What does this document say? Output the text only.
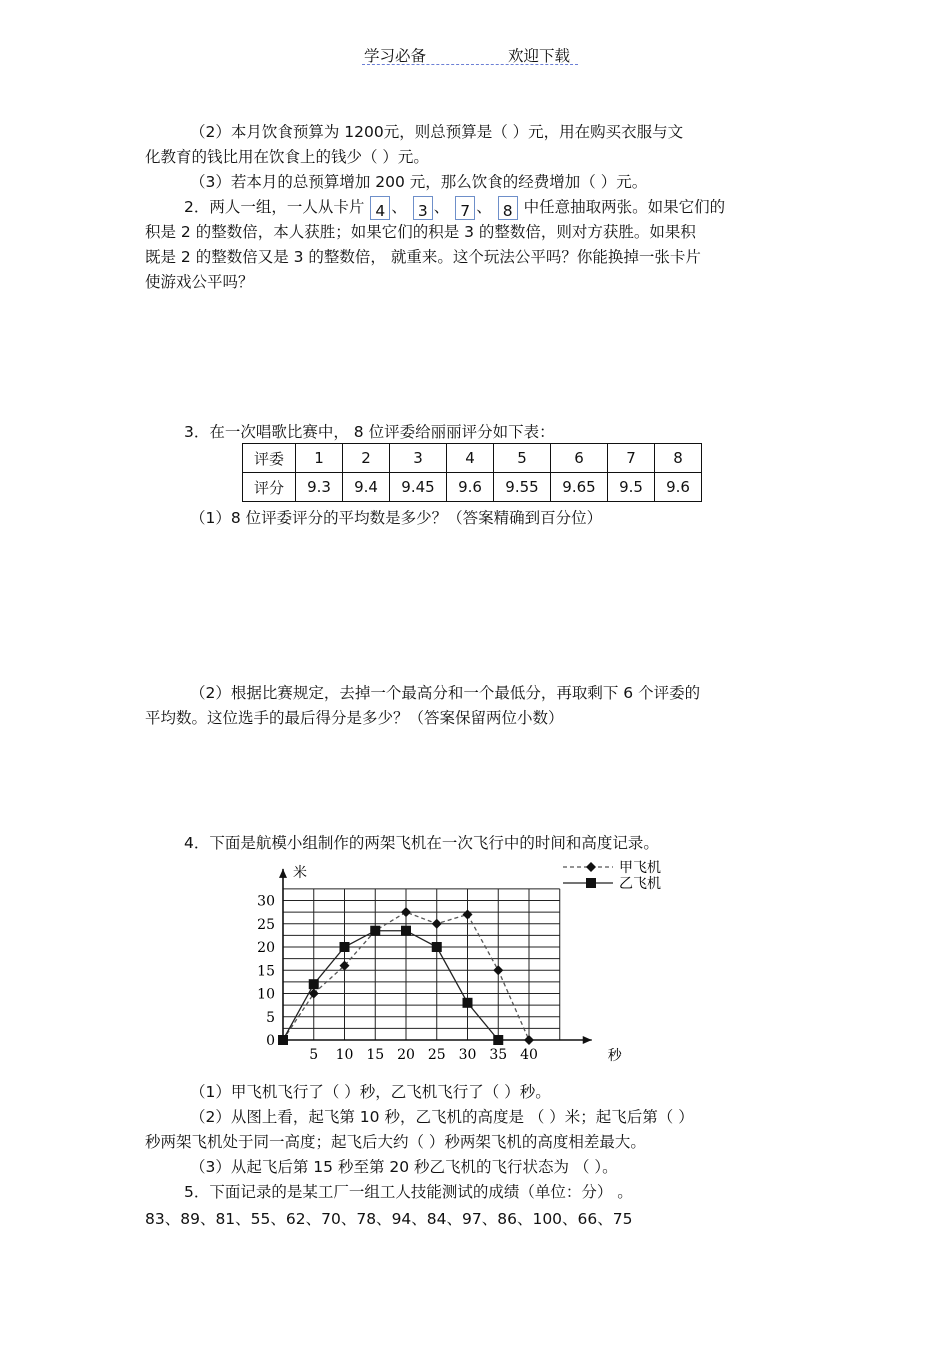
学习必备	欢迎下载
（2）本月饮食预算为 1200元，则总预算是（ ）元，用在购买衣服与文
化教育的钱比用在饮食上的钱少（ ）元。
（3）若本月的总预算增加 200 元，那么饮食的经费增加（ ）元。
2．两人一组，一人从卡片 4 、 3 、 7 、 8 中任意抽取两张。如果它们的
积是 2 的整数倍，本人获胜；如果它们的积是 3 的整数倍，则对方获胜。如果积
既是 2 的整数倍又是 3 的整数倍， 就重来。这个玩法公平吗？你能换掉一张卡片
使游戏公平吗？
3．在一次唱歌比赛中， 8 位评委给丽丽评分如下表：
评委	1	2	3	4	5	6	7	8
评分	9.3	9.4	9.45	9.6	9.55	9.65	9.5	9.6
（1）8 位评委评分的平均数是多少？（答案精确到百分位）
（2）根据比赛规定，去掉一个最高分和一个最低分，再取剩下 6 个评委的
平均数。这位选手的最后得分是多少？（答案保留两位小数）
4．下面是航模小组制作的两架飞机在一次飞行中的时间和高度记录。
5 10 15 20 25 30 35 40
0
5
10
15
20
25
30
米
秒
甲飞机
乙飞机
（1）甲飞机飞行了（ ）秒，乙飞机飞行了（ ）秒。
（2）从图上看，起飞第 10 秒，乙飞机的高度是 （ ）米；起飞后第（ ）
秒两架飞机处于同一高度；起飞后大约（ ）秒两架飞机的高度相差最大。
（3）从起飞后第 15 秒至第 20 秒乙飞机的飞行状态为 （ ）。
5．下面记录的是某工厂一组工人技能测试的成绩（单位：分） 。
83、89、81、55、62、70、78、94、84、97、86、100、66、75
